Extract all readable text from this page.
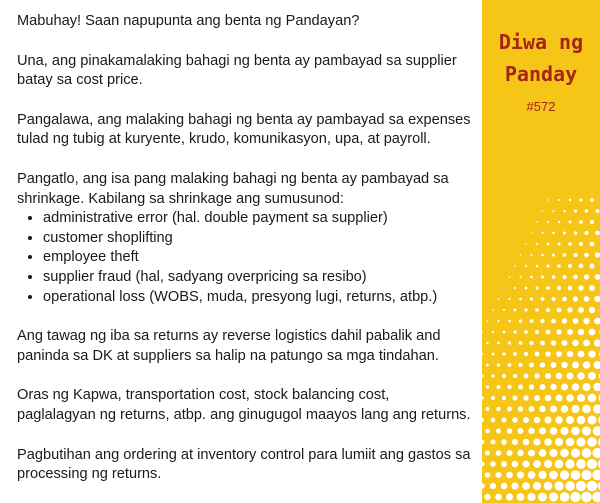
Mabuhay! Saan napupunta ang benta ng Pandayan?

Una, ang pinakamalaking bahagi ng benta ay pambayad sa supplier batay sa cost price.

Pangalawa, ang malaking bahagi ng benta ay pambayad sa expenses tulad ng tubig at kuryente, krudo, komunikasyon, upa, at payroll.

Pangatlo, ang isa pang malaking bahagi ng benta ay pambayad sa shrinkage. Kabilang sa shrinkage ang sumusunod:

• administrative error (hal. double payment sa supplier)
• customer shoplifting
• employee theft
• supplier fraud (hal, sadyang overpricing sa resibo)
• operational loss (WOBS, muda, presyong lugi, returns, atbp.)

Ang tawag ng iba sa returns ay reverse logistics dahil pabalik and paninda sa DK at suppliers sa halip na patungo sa mga tindahan.

Oras ng Kapwa, transportation cost, stock balancing cost, paglalagyan ng returns, atbp. ang ginugugol maayos lang ang returns.

Pagbutihan ang ordering at inventory control para lumiit ang gastos sa processing ng returns.

Diwa ng
Panday
#572
